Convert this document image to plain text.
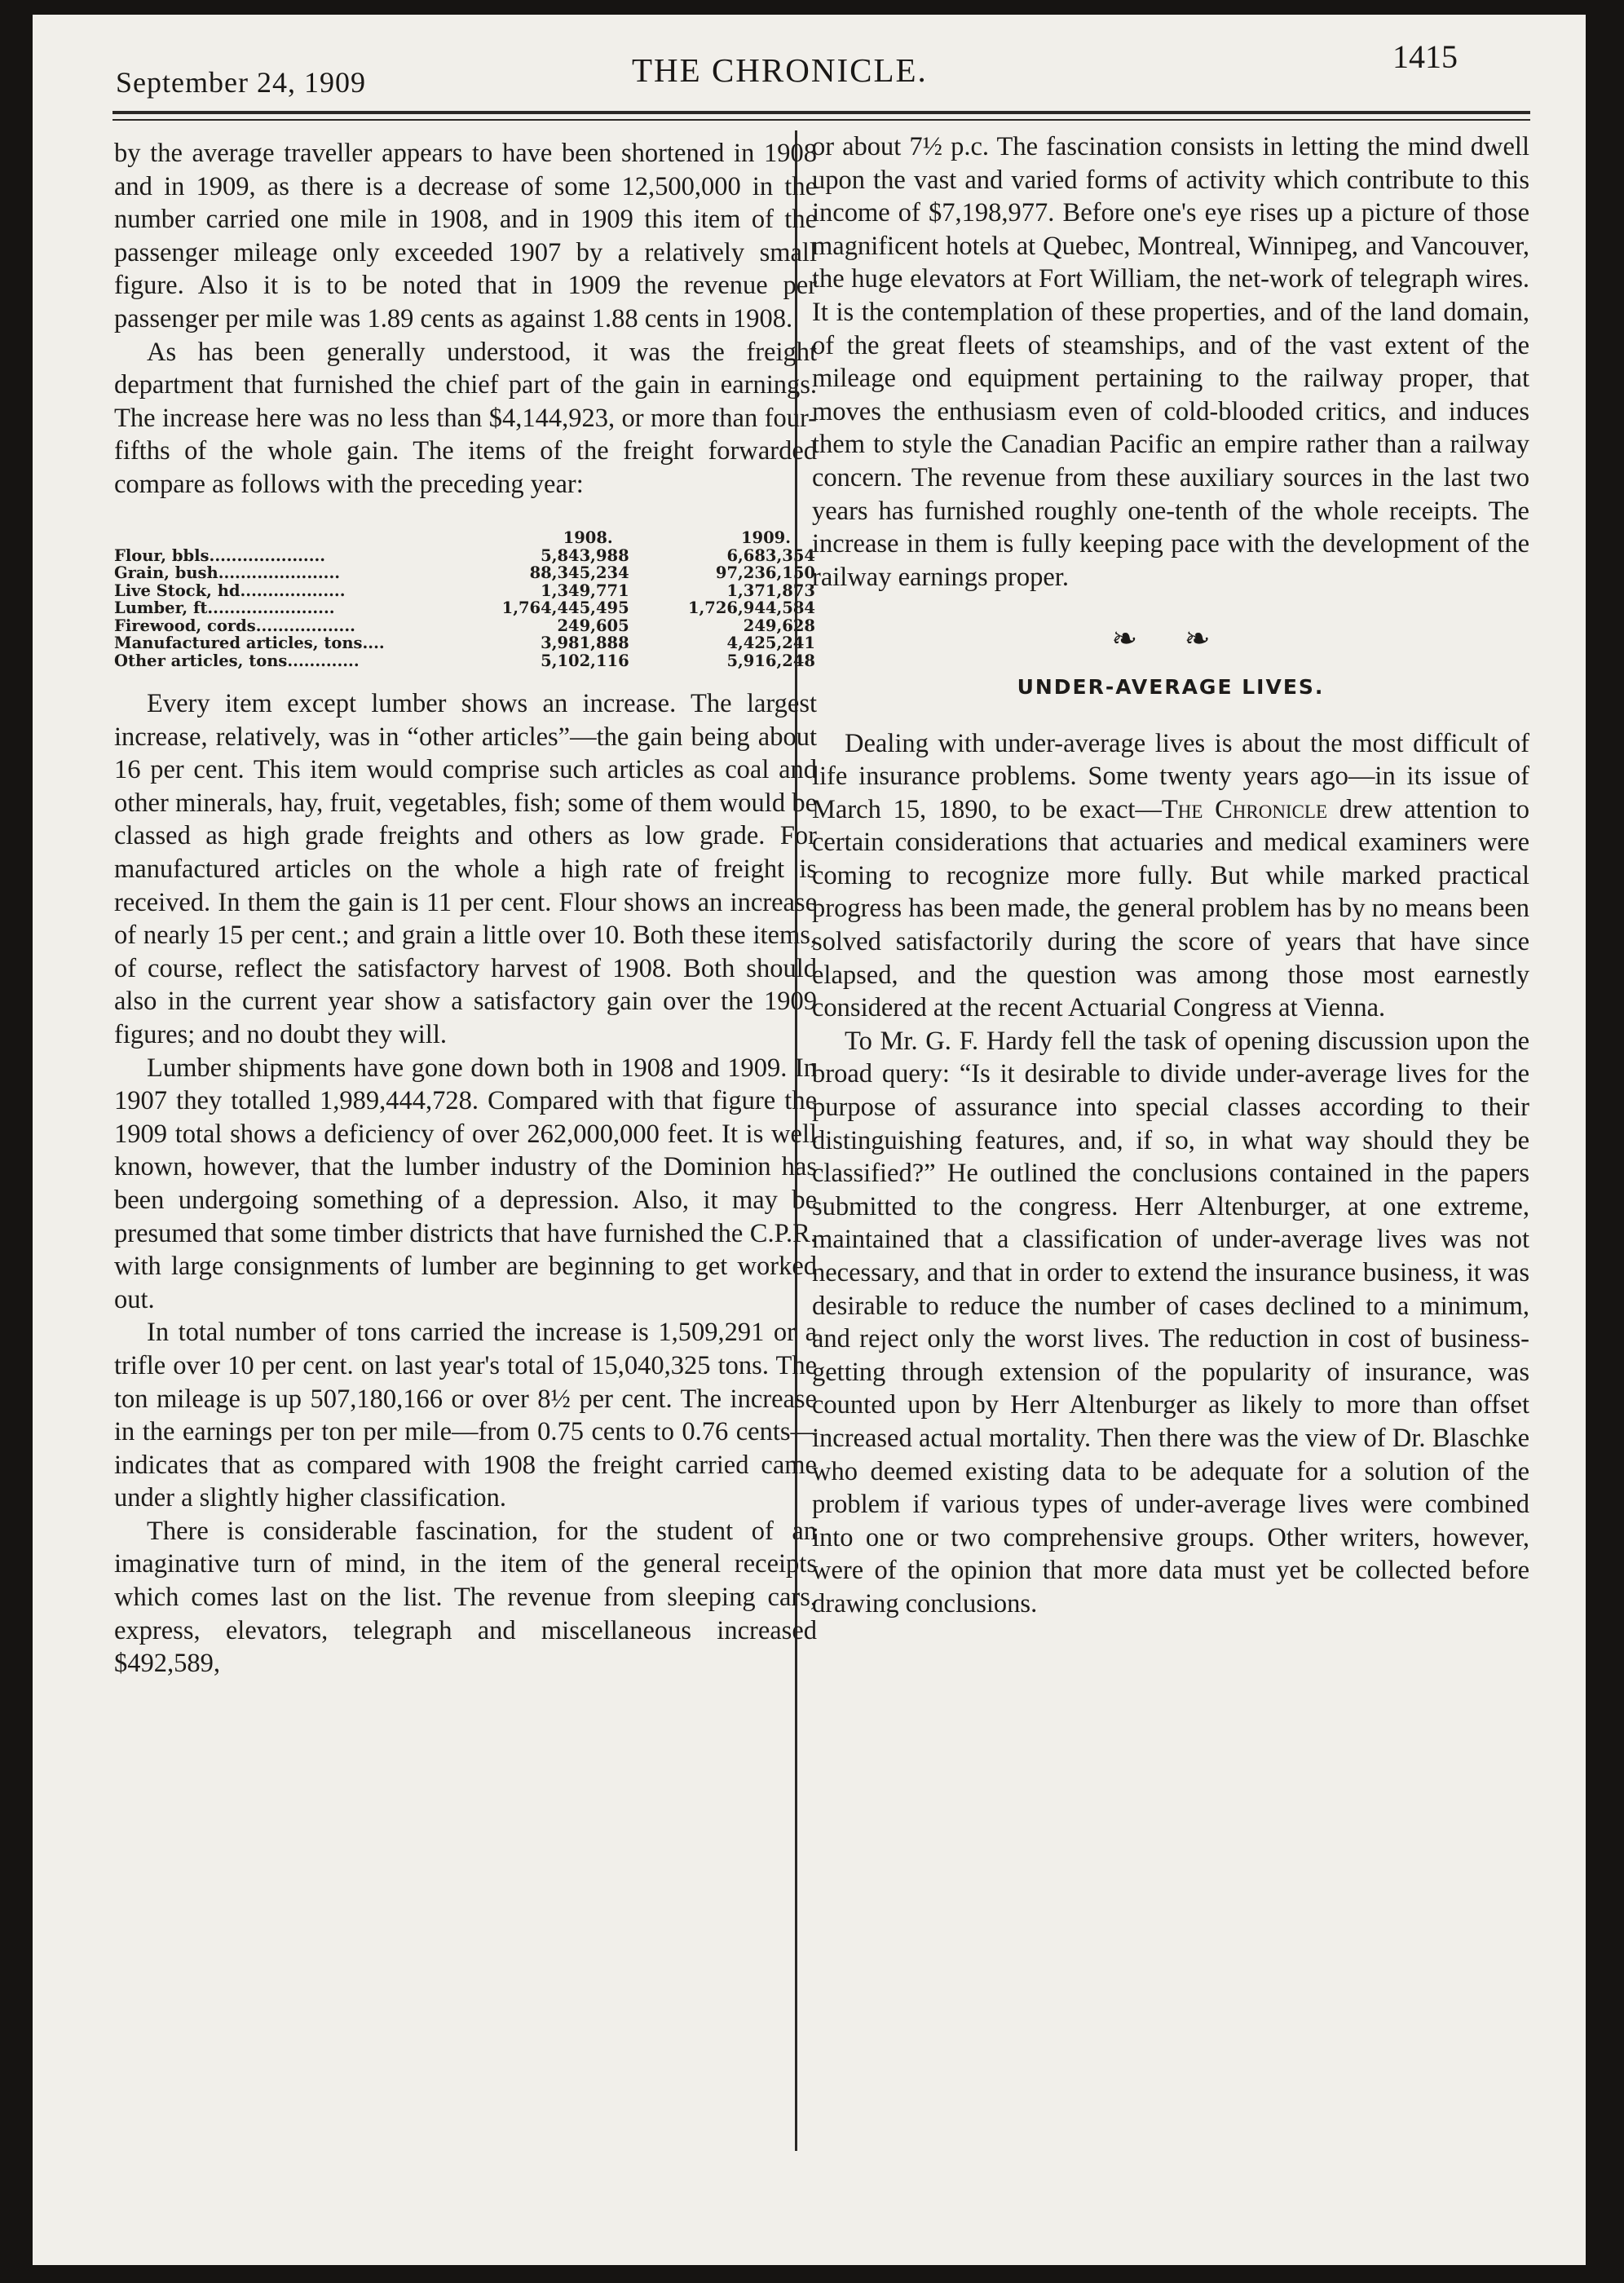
September 24, 1909	THE CHRONICLE.	1415

by the average traveller appears to have been shortened in 1908 and in 1909, as there is a decrease of some 12,500,000 in the number carried one mile in 1908, and in 1909 this item of the passenger mileage only exceeded 1907 by a relatively small figure. Also it is to be noted that in 1909 the revenue per passenger per mile was 1.89 cents as against 1.88 cents in 1908.

As has been generally understood, it was the freight department that furnished the chief part of the gain in earnings. The increase here was no less than $4,144,923, or more than four-fifths of the whole gain. The items of the freight forwarded compare as follows with the preceding year:

	1908.	1909.
Flour, bbls.....................	5,843,988	6,683,354
Grain, bush......................	88,345,234	97,236,150
Live Stock, hd...................	1,349,771	1,371,873
Lumber, ft.......................	1,764,445,495	1,726,944,584
Firewood, cords..................	249,605	249,628
Manufactured articles, tons....	3,981,888	4,425,241
Other articles, tons.............	5,102,116	5,916,248

Every item except lumber shows an increase. The largest increase, relatively, was in “other articles”—the gain being about 16 per cent. This item would comprise such articles as coal and other minerals, hay, fruit, vegetables, fish; some of them would be classed as high grade freights and others as low grade. For manufactured articles on the whole a high rate of freight is received. In them the gain is 11 per cent. Flour shows an increase of nearly 15 per cent.; and grain a little over 10. Both these items, of course, reflect the satisfactory harvest of 1908. Both should also in the current year show a satisfactory gain over the 1909 figures; and no doubt they will.

Lumber shipments have gone down both in 1908 and 1909. In 1907 they totalled 1,989,444,728. Compared with that figure the 1909 total shows a deficiency of over 262,000,000 feet. It is well known, however, that the lumber industry of the Dominion has been undergoing something of a depression. Also, it may be presumed that some timber districts that have furnished the C.P.R. with large consignments of lumber are beginning to get worked out.

In total number of tons carried the increase is 1,509,291 or a trifle over 10 per cent. on last year's total of 15,040,325 tons. The ton mileage is up 507,180,166 or over 8½ per cent. The increase in the earnings per ton per mile—from 0.75 cents to 0.76 cents—indicates that as compared with 1908 the freight carried came under a slightly higher classification.

There is considerable fascination, for the student of an imaginative turn of mind, in the item of the general receipts which comes last on the list. The revenue from sleeping cars, express, elevators, telegraph and miscellaneous increased $492,589,

or about 7½ p.c. The fascination consists in letting the mind dwell upon the vast and varied forms of activity which contribute to this income of $7,198,977. Before one's eye rises up a picture of those magnificent hotels at Quebec, Montreal, Winnipeg, and Vancouver, the huge elevators at Fort William, the net-work of telegraph wires. It is the contemplation of these properties, and of the land domain, of the great fleets of steamships, and of the vast extent of the mileage ond equipment pertaining to the railway proper, that moves the enthusiasm even of cold-blooded critics, and induces them to style the Canadian Pacific an empire rather than a railway concern. The revenue from these auxiliary sources in the last two years has furnished roughly one-tenth of the whole receipts. The increase in them is fully keeping pace with the development of the railway earnings proper.

❧ ❧
UNDER-AVERAGE LIVES.

Dealing with under-average lives is about the most difficult of life insurance problems. Some twenty years ago—in its issue of March 15, 1890, to be exact—The Chronicle drew attention to certain considerations that actuaries and medical examiners were coming to recognize more fully. But while marked practical progress has been made, the general problem has by no means been solved satisfactorily during the score of years that have since elapsed, and the question was among those most earnestly considered at the recent Actuarial Congress at Vienna.

To Mr. G. F. Hardy fell the task of opening discussion upon the broad query: “Is it desirable to divide under-average lives for the purpose of assurance into special classes according to their distinguishing features, and, if so, in what way should they be classified?” He outlined the conclusions contained in the papers submitted to the congress. Herr Altenburger, at one extreme, maintained that a classification of under-average lives was not necessary, and that in order to extend the insurance business, it was desirable to reduce the number of cases declined to a minimum, and reject only the worst lives. The reduction in cost of business-getting through extension of the popularity of insurance, was counted upon by Herr Altenburger as likely to more than offset increased actual mortality. Then there was the view of Dr. Blaschke who deemed existing data to be adequate for a solution of the problem if various types of under-average lives were combined into one or two comprehensive groups. Other writers, however, were of the opinion that more data must yet be collected before drawing conclusions.
